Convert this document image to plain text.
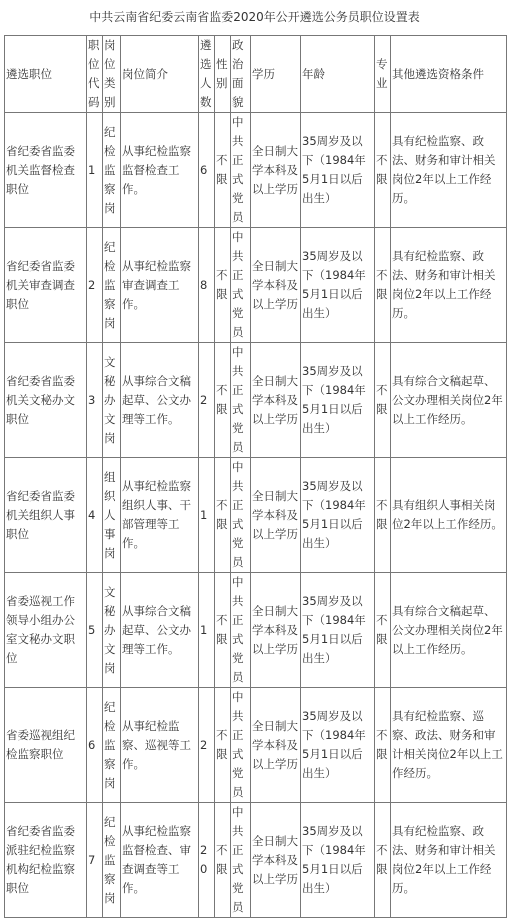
中共云南省纪委云南省监委2020年公开遴选公务员职位设置表
遴选职位	职位代码	岗位类别	岗位简介	遴选人数	性别	政治面貌	学历	年龄	专业	其他遴选资格条件
省纪委省监委机关监督检查职位	1	纪检监察岗	从事纪检监察监督检查工作。	6	不限	中共正式党员	全日制大学本科及以上学历	35周岁及以下（1984年5月1日以后出生）	不限	具有纪检监察、政法、财务和审计相关岗位2年以上工作经历。
省纪委省监委机关审查调查职位	2	纪检监察岗	从事纪检监察审查调查工作。	8	不限	中共正式党员	全日制大学本科及以上学历	35周岁及以下（1984年5月1日以后出生）	不限	具有纪检监察、政法、财务和审计相关岗位2年以上工作经历。
省纪委省监委机关文秘办文职位	3	文秘办文岗	从事综合文稿起草、公文办理等工作。	2	不限	中共正式党员	全日制大学本科及以上学历	35周岁及以下（1984年5月1日以后出生）	不限	具有综合文稿起草、公文办理相关岗位2年以上工作经历。
省纪委省监委机关组织人事职位	4	组织人事岗	从事纪检监察组织人事、干部管理等工作。	1	不限	中共正式党员	全日制大学本科及以上学历	35周岁及以下（1984年5月1日以后出生）	不限	具有组织人事相关岗位2年以上工作经历。
省委巡视工作领导小组办公室文秘办文职位	5	文秘办文岗	从事综合文稿起草、公文办理等工作。	1	不限	中共正式党员	全日制大学本科及以上学历	35周岁及以下（1984年5月1日以后出生）	不限	具有综合文稿起草、公文办理相关岗位2年以上工作经历。
省委巡视组纪检监察职位	6	纪检监察岗	从事纪检监察、巡视等工作。	2	不限	中共正式党员	全日制大学本科及以上学历	35周岁及以下（1984年5月1日以后出生）	不限	具有纪检监察、巡察、政法、财务和审计相关岗位2年以上工作经历。
省纪委省监委派驻纪检监察机构纪检监察职位	7	纪检监察岗	从事纪检监察监督检查、审查调查等工作。	20	不限	中共正式党员	全日制大学本科及以上学历	35周岁及以下（1984年5月1日以后出生）	不限	具有纪检监察、政法、财务和审计相关岗位2年以上工作经历。
